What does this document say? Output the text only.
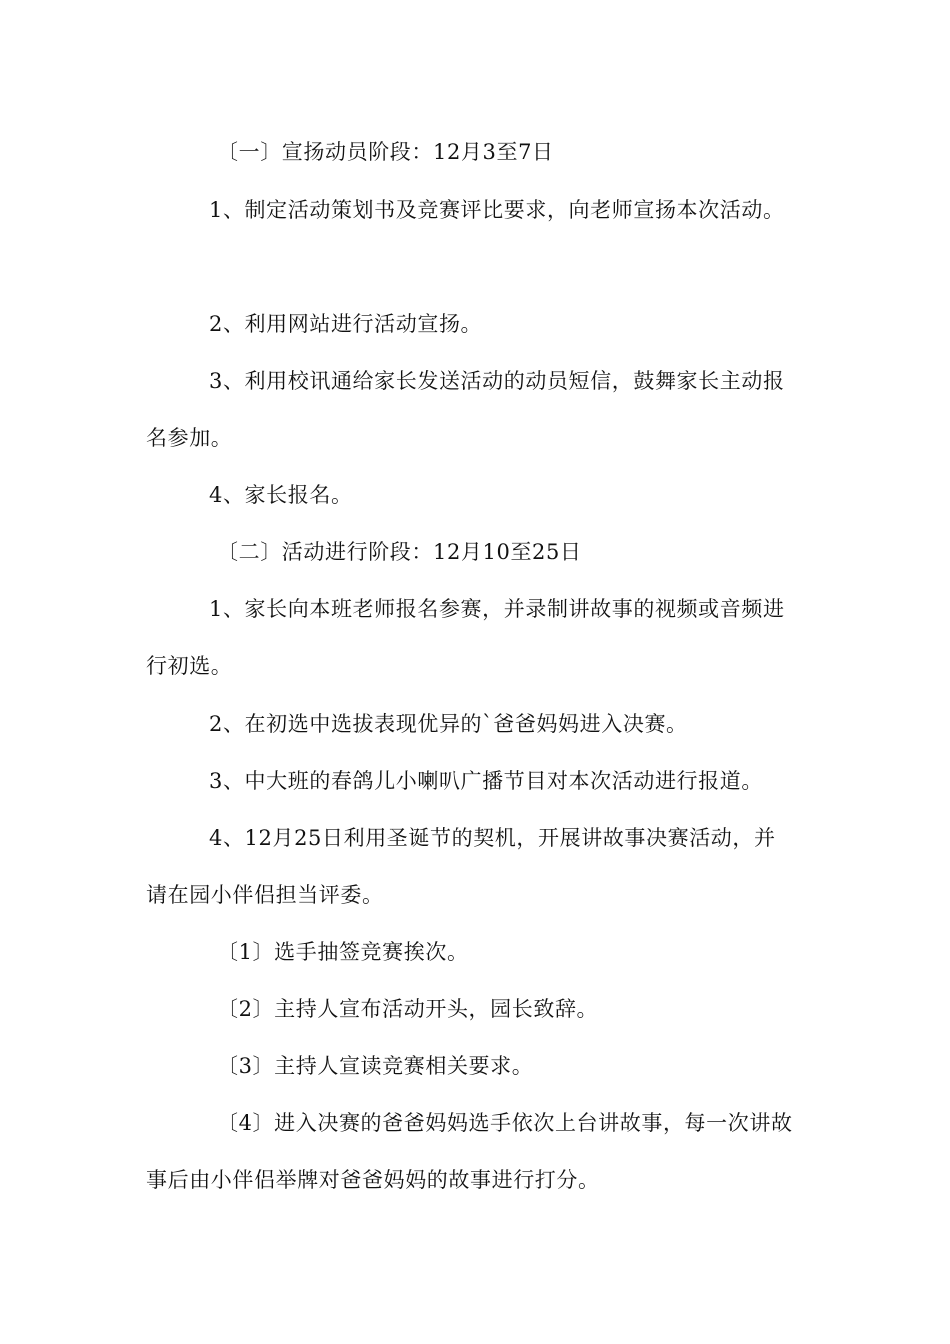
〔一〕宣扬动员阶段：12月3至7日
1、制定活动策划书及竞赛评比要求，向老师宣扬本次活动。
2、利用网站进行活动宣扬。
3、利用校讯通给家长发送活动的动员短信，鼓舞家长主动报
名参加。
4、家长报名。
〔二〕活动进行阶段：12月10至25日
1、家长向本班老师报名参赛，并录制讲故事的视频或音频进
行初选。
2、在初选中选拔表现优异的`爸爸妈妈进入决赛。
3、中大班的春鸽儿小喇叭广播节目对本次活动进行报道。
4、12月25日利用圣诞节的契机，开展讲故事决赛活动，并
请在园小伴侣担当评委。
〔1〕选手抽签竞赛挨次。
〔2〕主持人宣布活动开头，园长致辞。
〔3〕主持人宣读竞赛相关要求。
〔4〕进入决赛的爸爸妈妈选手依次上台讲故事，每一次讲故
事后由小伴侣举牌对爸爸妈妈的故事进行打分。
